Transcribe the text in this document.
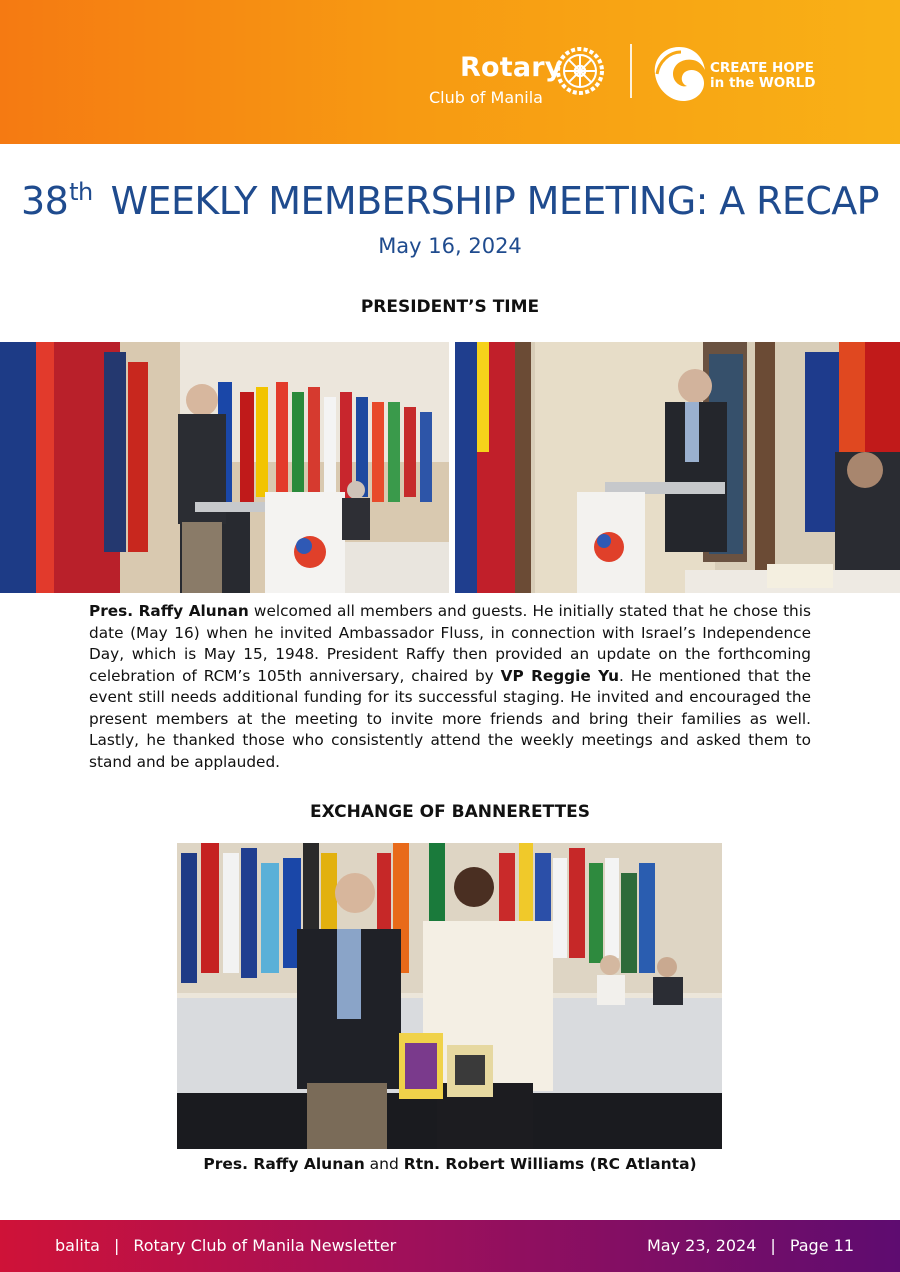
Rotary
Club of Manila
CREATE HOPE
in the WORLD
38th WEEKLY MEMBERSHIP MEETING: A RECAP
May 16, 2024
PRESIDENT’S TIME
Pres. Raffy Alunan welcomed all members and guests. He initially stated that he chose this date (May 16) when he invited Ambassador Fluss, in connection with Israel’s Independence Day, which is May 15, 1948. President Raffy then provided an update on the forthcoming celebration of RCM’s 105th anniversary, chaired by VP Reggie Yu. He mentioned that the event still needs additional funding for its successful staging. He invited and encouraged the present members at the meeting to invite more friends and bring their families as well. Lastly, he thanked those who consistently attend the weekly meetings and asked them to stand and be applauded.
EXCHANGE OF BANNERETTES
Pres. Raffy Alunan and Rtn. Robert Williams (RC Atlanta)
balita | Rotary Club of Manila Newsletter	May 23, 2024 | Page 11
